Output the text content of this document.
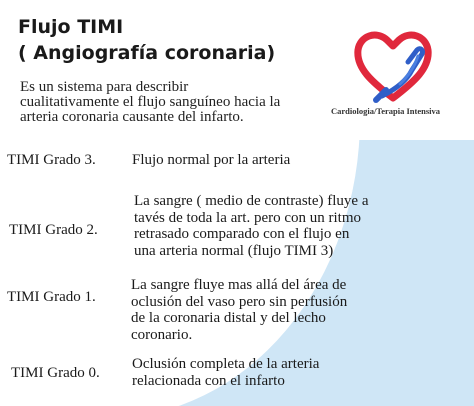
Flujo TIMI
( Angiografía coronaria)

Es un sistema para describir
cualitativamente el flujo sanguíneo hacia la
arteria coronaria causante del infarto.	Cardiologia/Terapia Intensiva

TIMI Grado 3. Flujo normal por la arteria

TIMI Grado 2.

La sangre ( medio de contraste) fluye a
tavés de toda la art. pero con un ritmo
retrasado comparado con el flujo en
una arteria normal (flujo TIMI 3)

TIMI Grado 1.

La sangre fluye mas allá del área de
oclusión del vaso pero sin perfusión
de la coronaria distal y del lecho
coronario.

TIMI Grado 0.

Oclusión completa de la arteria
relacionada con el infarto
